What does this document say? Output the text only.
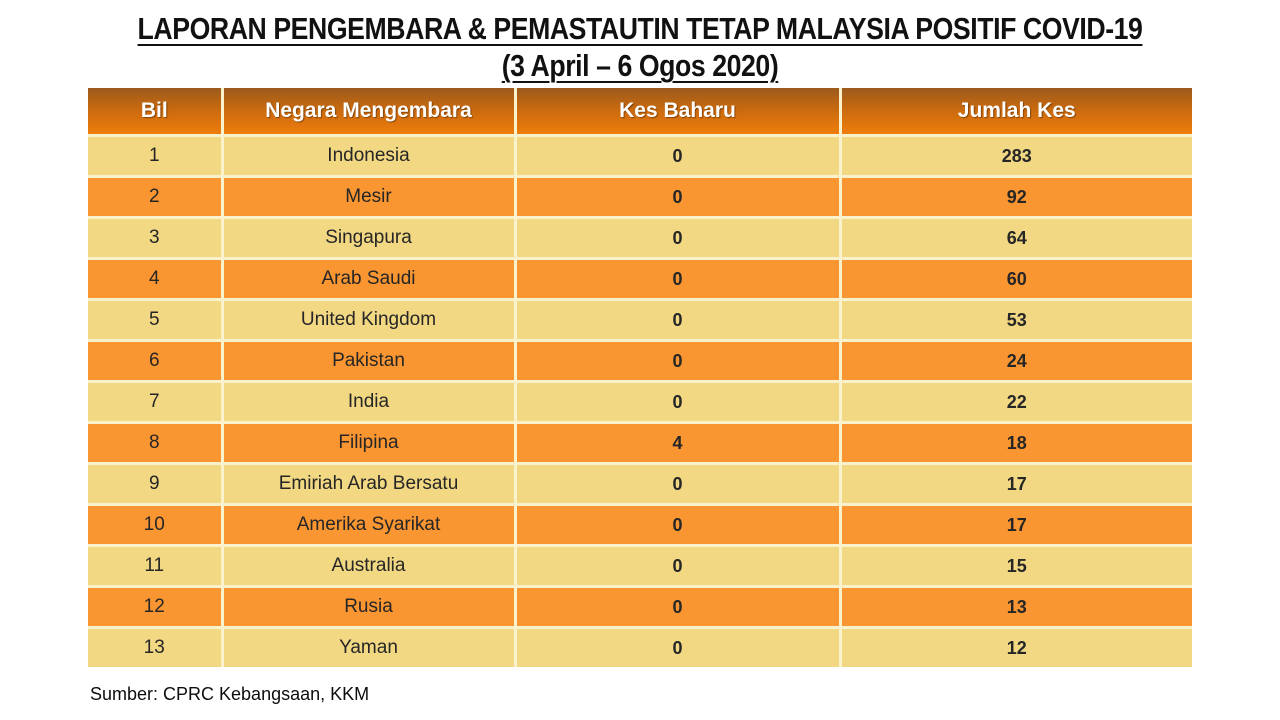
LAPORAN PENGEMBARA & PEMASTAUTIN TETAP MALAYSIA POSITIF COVID-19
(3 April – 6 Ogos 2020)
Bil	Negara Mengembara	Kes Baharu	Jumlah Kes
1	Indonesia	0	283
2	Mesir	0	92
3	Singapura	0	64
4	Arab Saudi	0	60
5	United Kingdom	0	53
6	Pakistan	0	24
7	India	0	22
8	Filipina	4	18
9	Emiriah Arab Bersatu	0	17
10	Amerika Syarikat	0	17
11	Australia	0	15
12	Rusia	0	13
13	Yaman	0	12
Sumber: CPRC Kebangsaan, KKM
